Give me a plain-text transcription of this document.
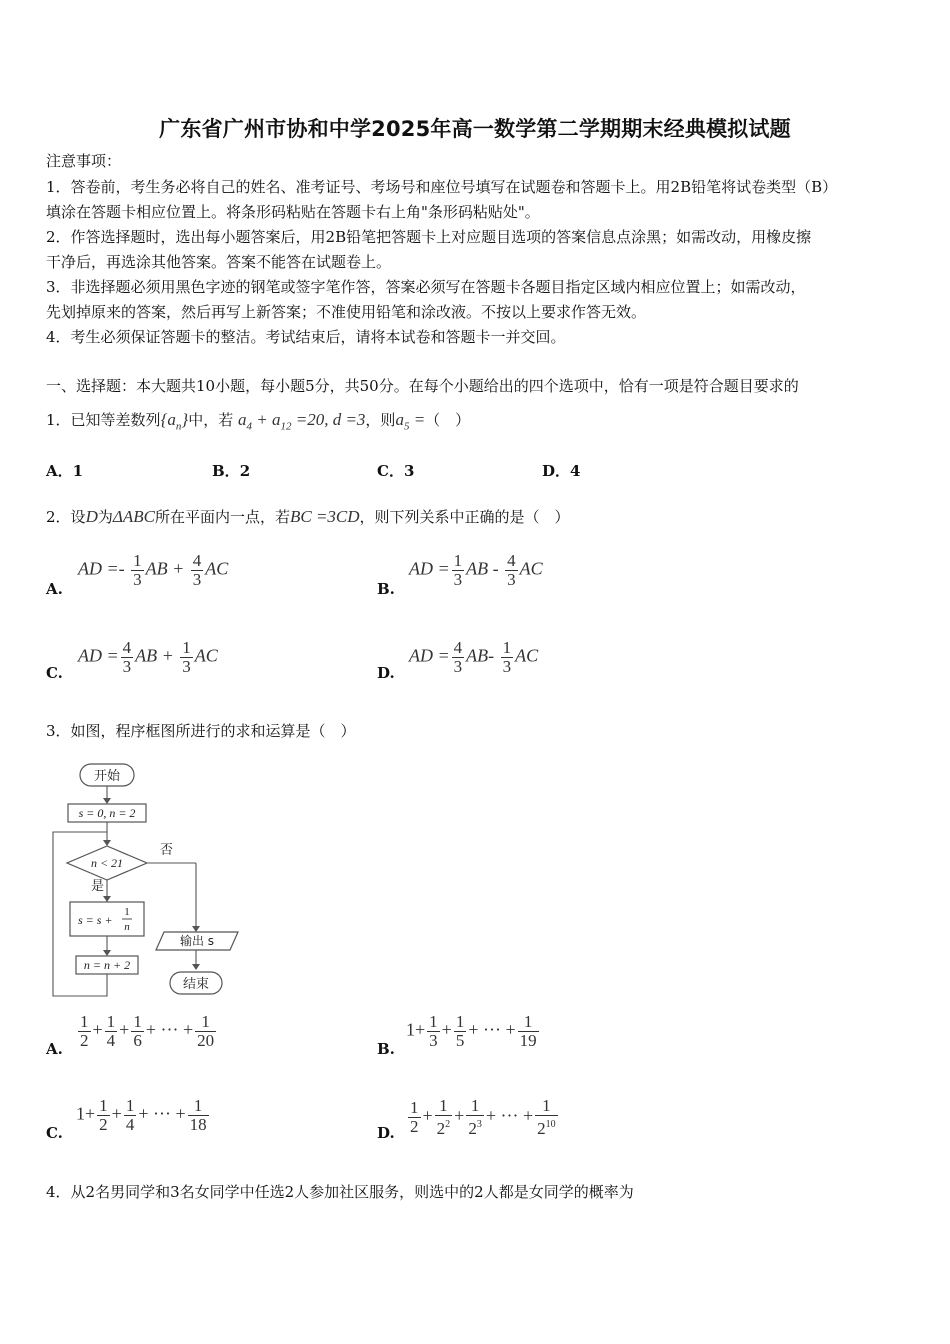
广东省广州市协和中学2025年高一数学第二学期期末经典模拟试题
注意事项：
1．答卷前，考生务必将自己的姓名、准考证号、考场号和座位号填写在试题卷和答题卡上。用2B铅笔将试卷类型（B）
填涂在答题卡相应位置上。将条形码粘贴在答题卡右上角"条形码粘贴处"。
2．作答选择题时，选出每小题答案后，用2B铅笔把答题卡上对应题目选项的答案信息点涂黑；如需改动，用橡皮擦
干净后，再选涂其他答案。答案不能答在试题卷上。
3．非选择题必须用黑色字迹的钢笔或签字笔作答，答案必须写在答题卡各题目指定区域内相应位置上；如需改动，
先划掉原来的答案，然后再写上新答案；不准使用铅笔和涂改液。不按以上要求作答无效。
4．考生必须保证答题卡的整洁。考试结束后，请将本试卷和答题卡一并交回。
一、选择题：本大题共10小题，每小题5分，共50分。在每个小题给出的四个选项中，恰有一项是符合题目要求的
1．已知等差数列$\{a_n\}$中，若 $a_4 + a_{12} =20$, d =3，则$a_5$ =（　）
A．1	B．2	C．3	D．4
2．设D为ΔABC所在平面内一点，若BC =3CD，则下列关系中正确的是（　）
A.
AD =- $\frac{1}{3}$ AB + $\frac{4}{3}$ AC
B.
AD = $\frac{1}{3}$ AB - $\frac{4}{3}$ AC
C.
AD = $\frac{4}{3}$ AB + $\frac{1}{3}$ AC
D.
AD = $\frac{4}{3} AB- \frac{1}{3}$ AC
3．如图，程序框图所进行的求和运算是（　）
开始
s = 0, n = 2
n < 21
否
是
s = s +
1
n
n = n + 2
输出 s
结束
A. $\frac{1}{2} + \frac{1}{4} + \frac{1}{6}$ + ··· + $\frac{1}{20}$	B.
$1+ \frac{1}{3} + \frac{1}{5}$ + ··· + $\frac{1}{19}$
C.
$1+ \frac{1}{2} + \frac{1}{4}$ + ··· + $\frac{1}{18}$	D. $\frac{1}{2} + \frac{1}{2^2} + \frac{1}{2^3}$ + ··· + $\frac{1}{2^{10}}$
4．从2名男同学和3名女同学中任选2人参加社区服务，则选中的2人都是女同学的概率为
